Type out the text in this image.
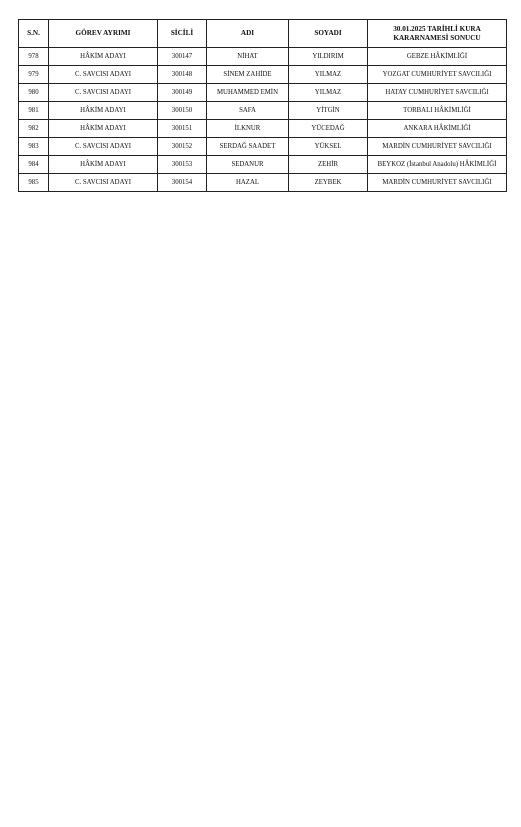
S.N.	GÖREV AYRIMI	SİCİLİ	ADI	SOYADI	30.01.2025 TARİHLİ KURA KARARNAMESİ SONUCU
978	HÂKİM ADAYI	300147	NİHAT	YILDIRIM	GEBZE HÂKİMLİĞİ
979	C. SAVCISI ADAYI	300148	SİNEM ZAHİDE	YILMAZ	YOZGAT CUMHURİYET SAVCILIĞI
980	C. SAVCISI ADAYI	300149	MUHAMMED EMİN	YILMAZ	HATAY CUMHURİYET SAVCILIĞI
981	HÂKİM ADAYI	300150	SAFA	YİTGİN	TORBALI HÂKİMLİĞİ
982	HÂKİM ADAYI	300151	İLKNUR	YÜCEDAĞ	ANKARA HÂKİMLİĞİ
983	C. SAVCISI ADAYI	300152	SERDAĞ SAADET	YÜKSEL	MARDİN CUMHURİYET SAVCILIĞI
984	HÂKİM ADAYI	300153	SEDANUR	ZEHİR	BEYKOZ (İstanbul Anadolu) HÂKİMLİĞİ
985	C. SAVCISI ADAYI	300154	HAZAL	ZEYBEK	MARDİN CUMHURİYET SAVCILIĞI
